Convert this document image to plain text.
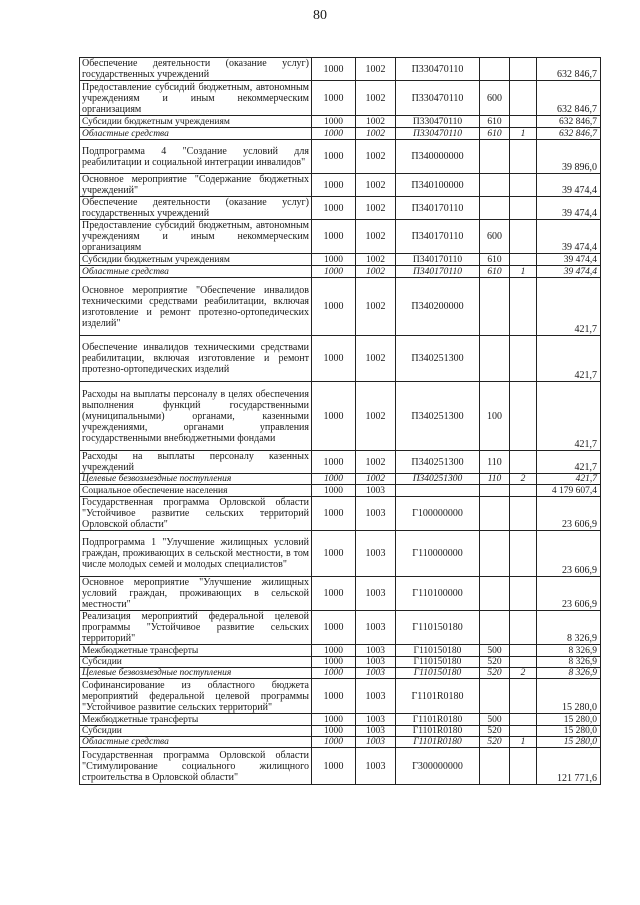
80
Обеспечение деятельности (оказание услуг) государственных учреждений	1000	1002	П330470110			632 846,7
Предоставление субсидий бюджетным, автономным учреждениям и иным некоммерческим организациям	1000	1002	П330470110	600		632 846,7
Субсидии бюджетным учреждениям	1000	1002	П330470110	610		632 846,7
Областные средства	1000	1002	П330470110	610	1	632 846,7
Подпрограмма 4 "Создание условий для реабилитации и социальной интеграции инвалидов"	1000	1002	П340000000			39 896,0
Основное мероприятие "Содержание бюджетных учреждений"	1000	1002	П340100000			39 474,4
Обеспечение деятельности (оказание услуг) государственных учреждений	1000	1002	П340170110			39 474,4
Предоставление субсидий бюджетным, автономным учреждениям и иным некоммерческим организациям	1000	1002	П340170110	600		39 474,4
Субсидии бюджетным учреждениям	1000	1002	П340170110	610		39 474,4
Областные средства	1000	1002	П340170110	610	1	39 474,4
Основное мероприятие "Обеспечение инвалидов техническими средствами реабилитации, включая изготовление и ремонт протезно-ортопедических изделий"	1000	1002	П340200000			421,7
Обеспечение инвалидов техническими средствами реабилитации, включая изготовление и ремонт протезно-ортопедических изделий	1000	1002	П340251300			421,7
Расходы на выплаты персоналу в целях обеспечения выполнения функций государственными (муниципальными) органами, казенными учреждениями, органами управления государственными внебюджетными фондами	1000	1002	П340251300	100		421,7
Расходы на выплаты персоналу казенных учреждений	1000	1002	П340251300	110		421,7
Целевые безвозмездные поступления	1000	1002	П340251300	110	2	421,7
Социальное обеспечение населения	1000	1003				4 179 607,4
Государственная программа Орловской области "Устойчивое развитие сельских территорий Орловской области"	1000	1003	Г100000000			23 606,9
Подпрограмма 1 "Улучшение жилищных условий граждан, проживающих в сельской местности, в том числе молодых семей и молодых специалистов"	1000	1003	Г110000000			23 606,9
Основное мероприятие "Улучшение жилищных условий граждан, проживающих в сельской местности"	1000	1003	Г110100000			23 606,9
Реализация мероприятий федеральной целевой программы "Устойчивое развитие сельских территорий"	1000	1003	Г110150180			8 326,9
Межбюджетные трансферты	1000	1003	Г110150180	500		8 326,9
Субсидии	1000	1003	Г110150180	520		8 326,9
Целевые безвозмездные поступления	1000	1003	Г110150180	520	2	8 326,9
Софинансирование из областного бюджета мероприятий федеральной целевой программы "Устойчивое развитие сельских территорий"	1000	1003	Г1101R0180			15 280,0
Межбюджетные трансферты	1000	1003	Г1101R0180	500		15 280,0
Субсидии	1000	1003	Г1101R0180	520		15 280,0
Областные средства	1000	1003	Г1101R0180	520	1	15 280,0
Государственная программа Орловской области "Стимулирование социального жилищного строительства в Орловской области"	1000	1003	Г300000000			121 771,6
